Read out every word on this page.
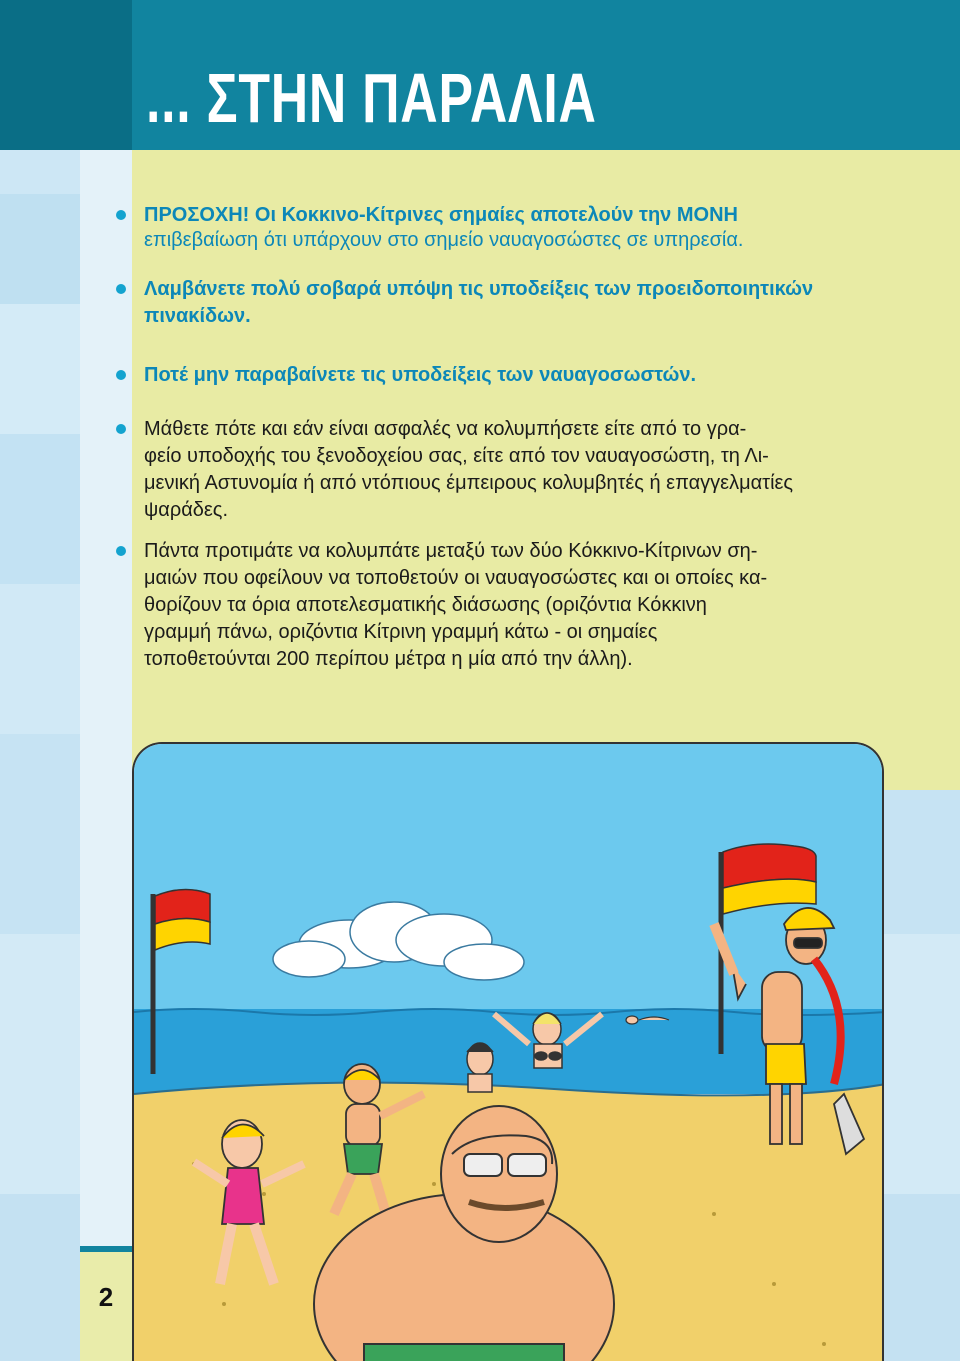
... ΣΤΗΝ ΠΑΡΑΛΙΑ
ΠΡΟΣΟΧΗ! Οι Κοκκινο-Κίτρινες σημαίες αποτελούν την ΜΟΝΗ
επιβεβαίωση ότι υπάρχουν στο σημείο ναυαγοσώστες σε υπηρεσία.
Λαμβάνετε πολύ σοβαρά υπόψη τις υποδείξεις των προειδοποιητικών
πινακίδων.
Ποτέ μην παραβαίνετε τις υποδείξεις των ναυαγοσωστών.
Μάθετε πότε και εάν είναι ασφαλές να κολυμπήσετε είτε από το γρα-
φείο υποδοχής του ξενοδοχείου σας, είτε από τον ναυαγοσώστη, τη Λι-
μενική Αστυνομία ή από ντόπιους έμπειρους κολυμβητές ή επαγγελματίες
ψαράδες.
Πάντα προτιμάτε να κολυμπάτε μεταξύ των δύο Κόκκινο-Κίτρινων ση-
μαιών που οφείλουν να τοποθετούν οι ναυαγοσώστες και οι οποίες κα-
θορίζουν τα όρια αποτελεσματικής διάσωσης (οριζόντια Κόκκινη
γραμμή πάνω, οριζόντια Κίτρινη γραμμή κάτω - οι σημαίες
τοποθετούνται 200 περίπου μέτρα η μία από την άλλη).
2
